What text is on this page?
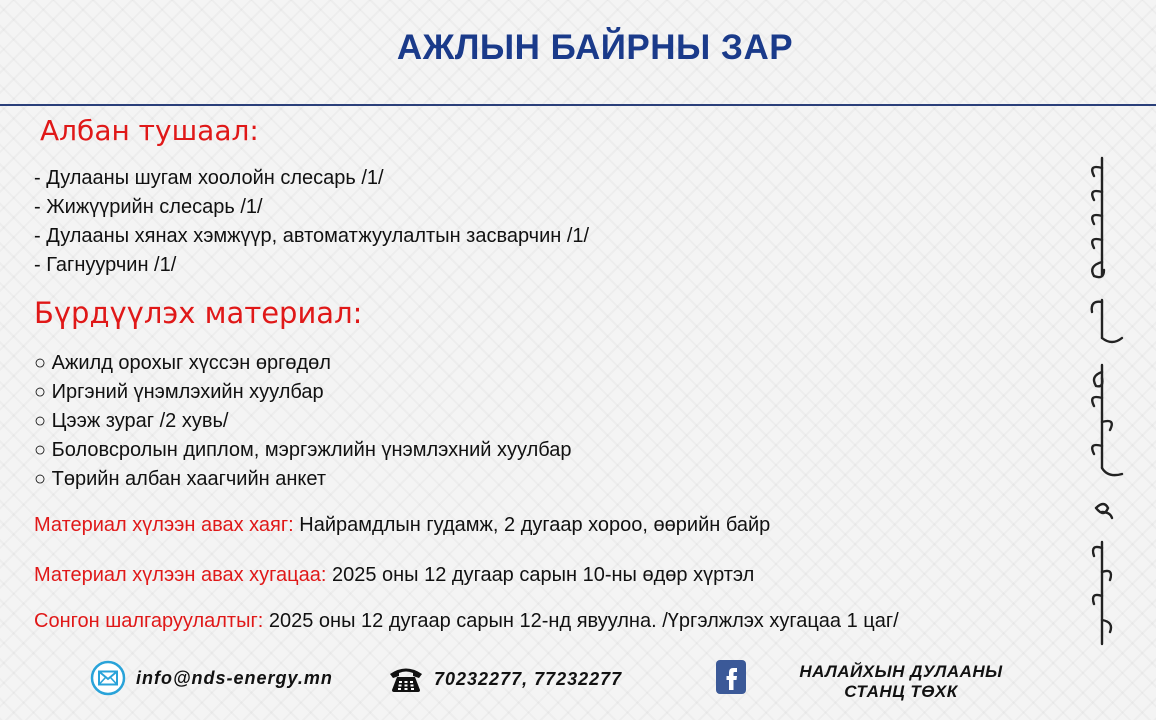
АЖЛЫН БАЙРНЫ ЗАР
Албан тушаал:
- Дулааны шугам хоолойн слесарь /1/
- Жижүүрийн слесарь /1/
- Дулааны хянах хэмжүүр, автоматжуулалтын засварчин /1/
- Гагнуурчин /1/
Бүрдүүлэх материал:
○ Ажилд орохыг хүссэн өргөдөл
○ Иргэний үнэмлэхийн хуулбар
○ Цээж зураг /2 хувь/
○ Боловсролын диплом, мэргэжлийн үнэмлэхний хуулбар
○ Төрийн албан хаагчийн анкет
Материал хүлээн авах хаяг: Найрамдлын гудамж, 2 дугаар хороо, өөрийн байр
Материал хүлээн авах хугацаа: 2025 оны 12 дугаар сарын 10-ны өдөр хүртэл
Сонгон шалгаруулалтыг: 2025 оны 12 дугаар сарын 12-нд явуулна. /Үргэлжлэх хугацаа 1 цаг/
info@nds-energy.mn	70232277, 77232277	НАЛАЙХЫН ДУЛААНЫ
СТАНЦ ТӨХК
